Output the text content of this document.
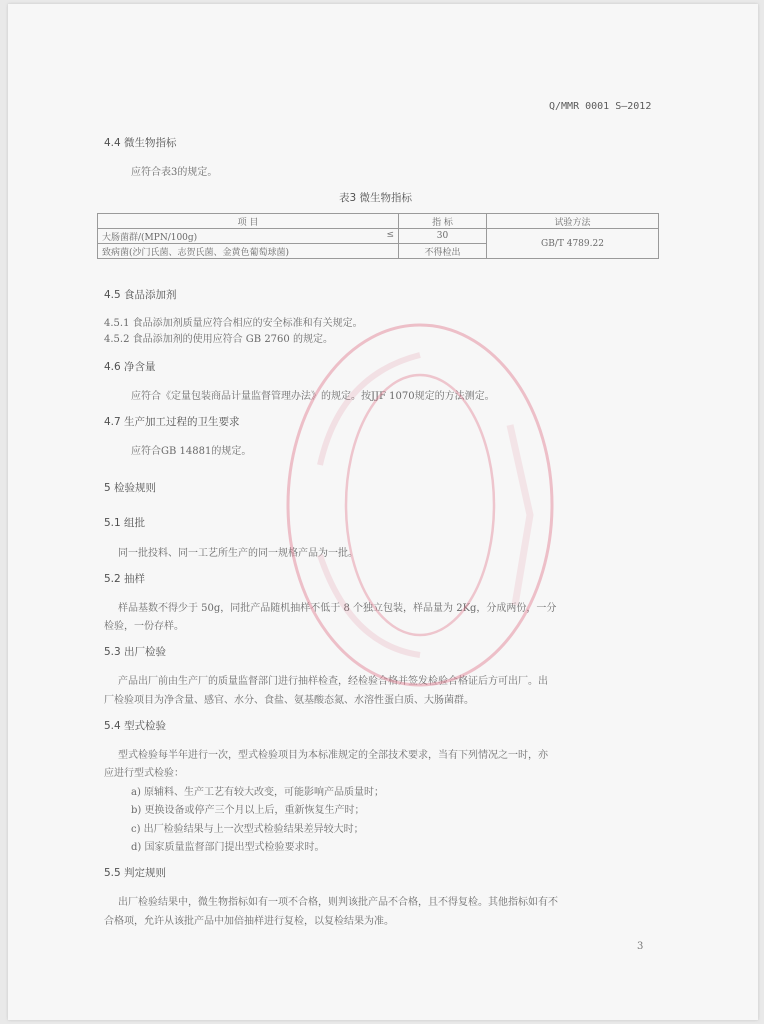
Q/MMR 0001 S—2012
4.4 微生物指标
应符合表3的规定。
表3 微生物指标
项 目	指 标	试验方法
大肠菌群/(MPN/100g) ≤	30	GB/T 4789.22
致病菌(沙门氏菌、志贺氏菌、金黄色葡萄球菌)	不得检出	
4.5 食品添加剂
4.5.1 食品添加剂质量应符合相应的安全标准和有关规定。
4.5.2 食品添加剂的使用应符合 GB 2760 的规定。
4.6 净含量
应符合《定量包装商品计量监督管理办法》的规定。按JJF 1070规定的方法测定。
4.7 生产加工过程的卫生要求
应符合GB 14881的规定。
5 检验规则
5.1 组批
同一批投料、同一工艺所生产的同一规格产品为一批。
5.2 抽样
样品基数不得少于 50g，同批产品随机抽样不低于 8 个独立包装，样品量为 2Kg，分成两份，一分
检验，一份存样。
5.3 出厂检验
产品出厂前由生产厂的质量监督部门进行抽样检查，经检验合格并签发检验合格证后方可出厂。出
厂检验项目为净含量、感官、水分、食盐、氨基酸态氮、水溶性蛋白质、大肠菌群。
5.4 型式检验
型式检验每半年进行一次，型式检验项目为本标准规定的全部技术要求，当有下列情况之一时，亦
应进行型式检验：
a) 原辅料、生产工艺有较大改变，可能影响产品质量时；
b) 更换设备或停产三个月以上后，重新恢复生产时；
c) 出厂检验结果与上一次型式检验结果差异较大时；
d) 国家质量监督部门提出型式检验要求时。
5.5 判定规则
出厂检验结果中，微生物指标如有一项不合格，则判该批产品不合格，且不得复检。其他指标如有不
合格项，允许从该批产品中加倍抽样进行复检，以复检结果为准。
3
